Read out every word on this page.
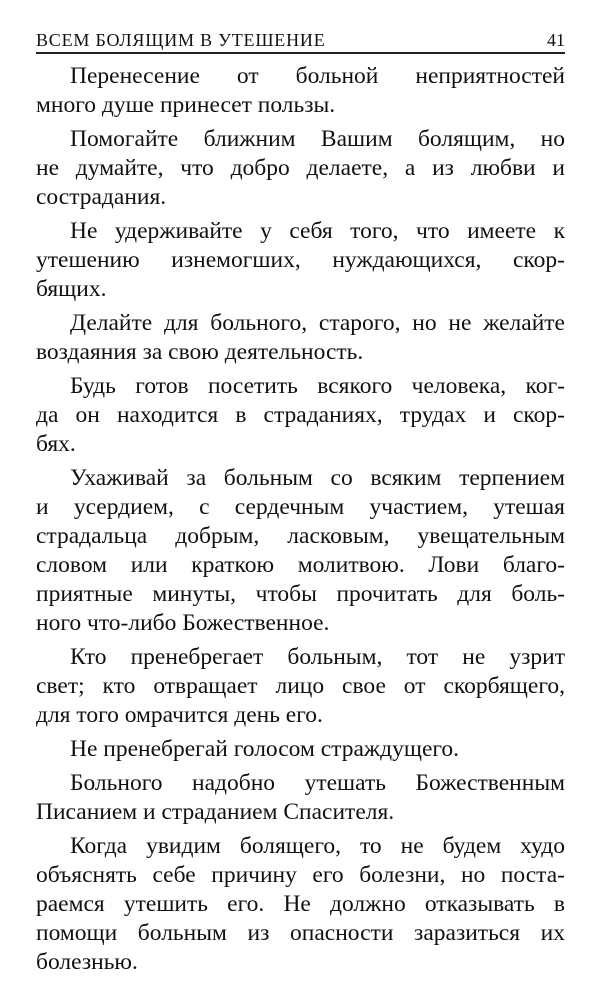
ВСЕМ БОЛЯЩИМ В УТЕШЕНИЕ	41
Перенесение от больной неприятностей
много душе принесет пользы.
Помогайте ближним Вашим болящим, но
не думайте, что добро делаете, а из любви и
сострадания.
Не удерживайте у себя того, что имеете к
утешению изнемогших, нуждающихся, скор-
бящих.
Делайте для больного, старого, но не желайте
воздаяния за свою деятельность.
Будь готов посетить всякого человека, ког-
да он находится в страданиях, трудах и скор-
бях.
Ухаживай за больным со всяким терпением
и усердием, с сердечным участием, утешая
страдальца добрым, ласковым, увещательным
словом или краткою молитвою. Лови благо-
приятные минуты, чтобы прочитать для боль-
ного что-либо Божественное.
Кто пренебрегает больным, тот не узрит
свет; кто отвращает лицо свое от скорбящего,
для того омрачится день его.
Не пренебрегай голосом страждущего.
Больного надобно утешать Божественным
Писанием и страданием Спасителя.
Когда увидим болящего, то не будем худо
объяснять себе причину его болезни, но поста-
раемся утешить его. Не должно отказывать в
помощи больным из опасности заразиться их
болезнью.
